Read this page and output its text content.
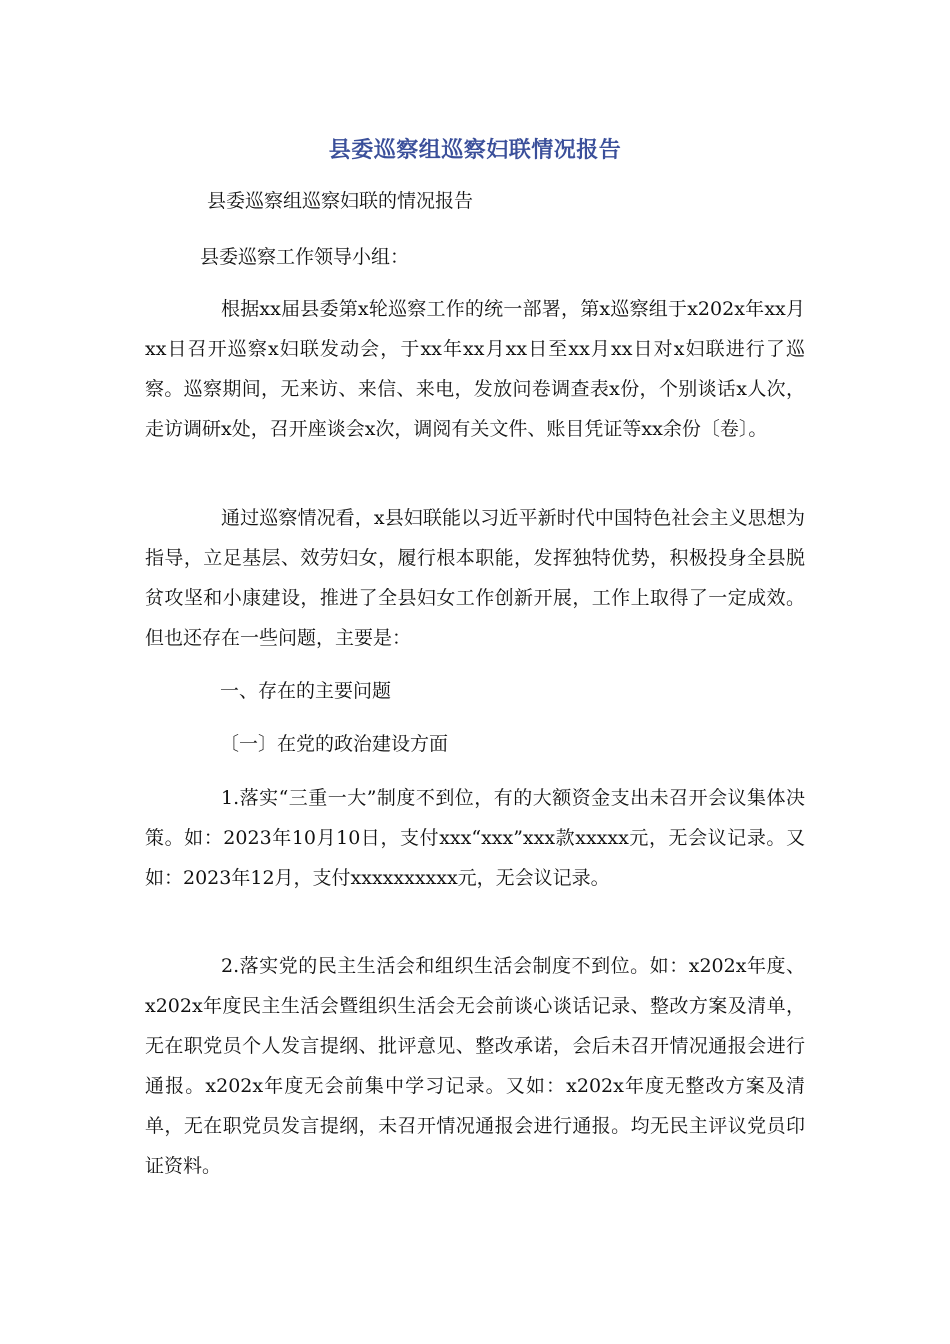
县委巡察组巡察妇联情况报告
县委巡察组巡察妇联的情况报告
县委巡察工作领导小组：
根据xx届县委第x轮巡察工作的统一部署，第x巡察组于x202x年xx月xx日召开巡察x妇联发动会，于xx年xx月xx日至xx月xx日对x妇联进行了巡察。巡察期间，无来访、来信、来电，发放问卷调查表x份，个别谈话x人次，走访调研x处，召开座谈会x次，调阅有关文件、账目凭证等xx余份〔卷〕。
通过巡察情况看，x县妇联能以习近平新时代中国特色社会主义思想为指导，立足基层、效劳妇女，履行根本职能，发挥独特优势，积极投身全县脱贫攻坚和小康建设，推进了全县妇女工作创新开展，工作上取得了一定成效。但也还存在一些问题，主要是：
一、存在的主要问题
〔一〕在党的政治建设方面
1.落实“三重一大”制度不到位，有的大额资金支出未召开会议集体决策。如：2023年10月10日，支付xxx“xxx”xxx款xxxxx元，无会议记录。又如：2023年12月，支付xxxxxxxxxx元，无会议记录。
2.落实党的民主生活会和组织生活会制度不到位。如：x202x年度、x202x年度民主生活会暨组织生活会无会前谈心谈话记录、整改方案及清单，无在职党员个人发言提纲、批评意见、整改承诺，会后未召开情况通报会进行通报。x202x年度无会前集中学习记录。又如：x202x年度无整改方案及清单，无在职党员发言提纲，未召开情况通报会进行通报。均无民主评议党员印证资料。
